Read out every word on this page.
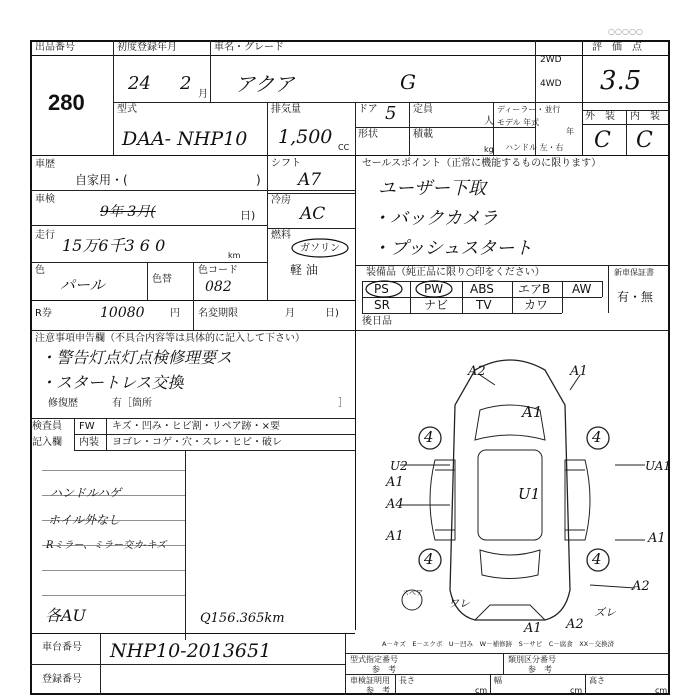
出品番号
280
初度登録年月
24 2
月
車名・グレード
アクア	G
2WD
4WD
評　価　点
3.5
外　装 内　装
C C
型式
DAA- NHP10
排気量
1,500 CC
ドア 5 定員
人
ディーラー・並行
モデル 年式
年
形状	積載
kg ハンドル 左・右
車歴
自家用・(	)
車検
9年 3月(	日)
走行
15万6千3 6 0
km
色
パール	色替
色コード
082
シフト
A7
冷房
AC
燃料
ガソリン
軽 油
R券	10080	円 名変期限	月	日)
セールスポイント（正常に機能するものに限ります）
ユーザー下取
・バックカメラ
・プッシュスタート
装備品（純正品に限り○印をください）	新車保証書
有・無
PS	PW ABS エアB AW
SR	ナビ TV	カワ
後日品
注意事項申告欄（不具合内容等は具体的に記入して下さい）
・警告灯点灯点検修理要ス
・スタートレス交換
修復歴	有［箇所	］
検査員
記入欄
FW キズ・凹み・ヒビ割・リペア跡・×要
内装 ヨゴレ・コゲ・穴・スレ・ヒビ・破レ
ハンドルハゲ
ホイル外なし
Rミラー、ミラー交カ-キズ
各AU	Q156.365km
4	4
4	4
A2	A1
A1
U1
U2
A1
A4
A1
UA1
A1
A2
ワレ
ズレ
A1 A2
スペア
A－キズ　E－エクボ　U－凹み　W－補修跡　S－サビ　C－腐食　XX－交換済
車台番号 NHP10-2013651
登録番号
型式指定番号
参　考
類別区分番号
参　考
車検証明用
参　考
長さ
cm
幅
cm
高さ
cm
○○○○○
